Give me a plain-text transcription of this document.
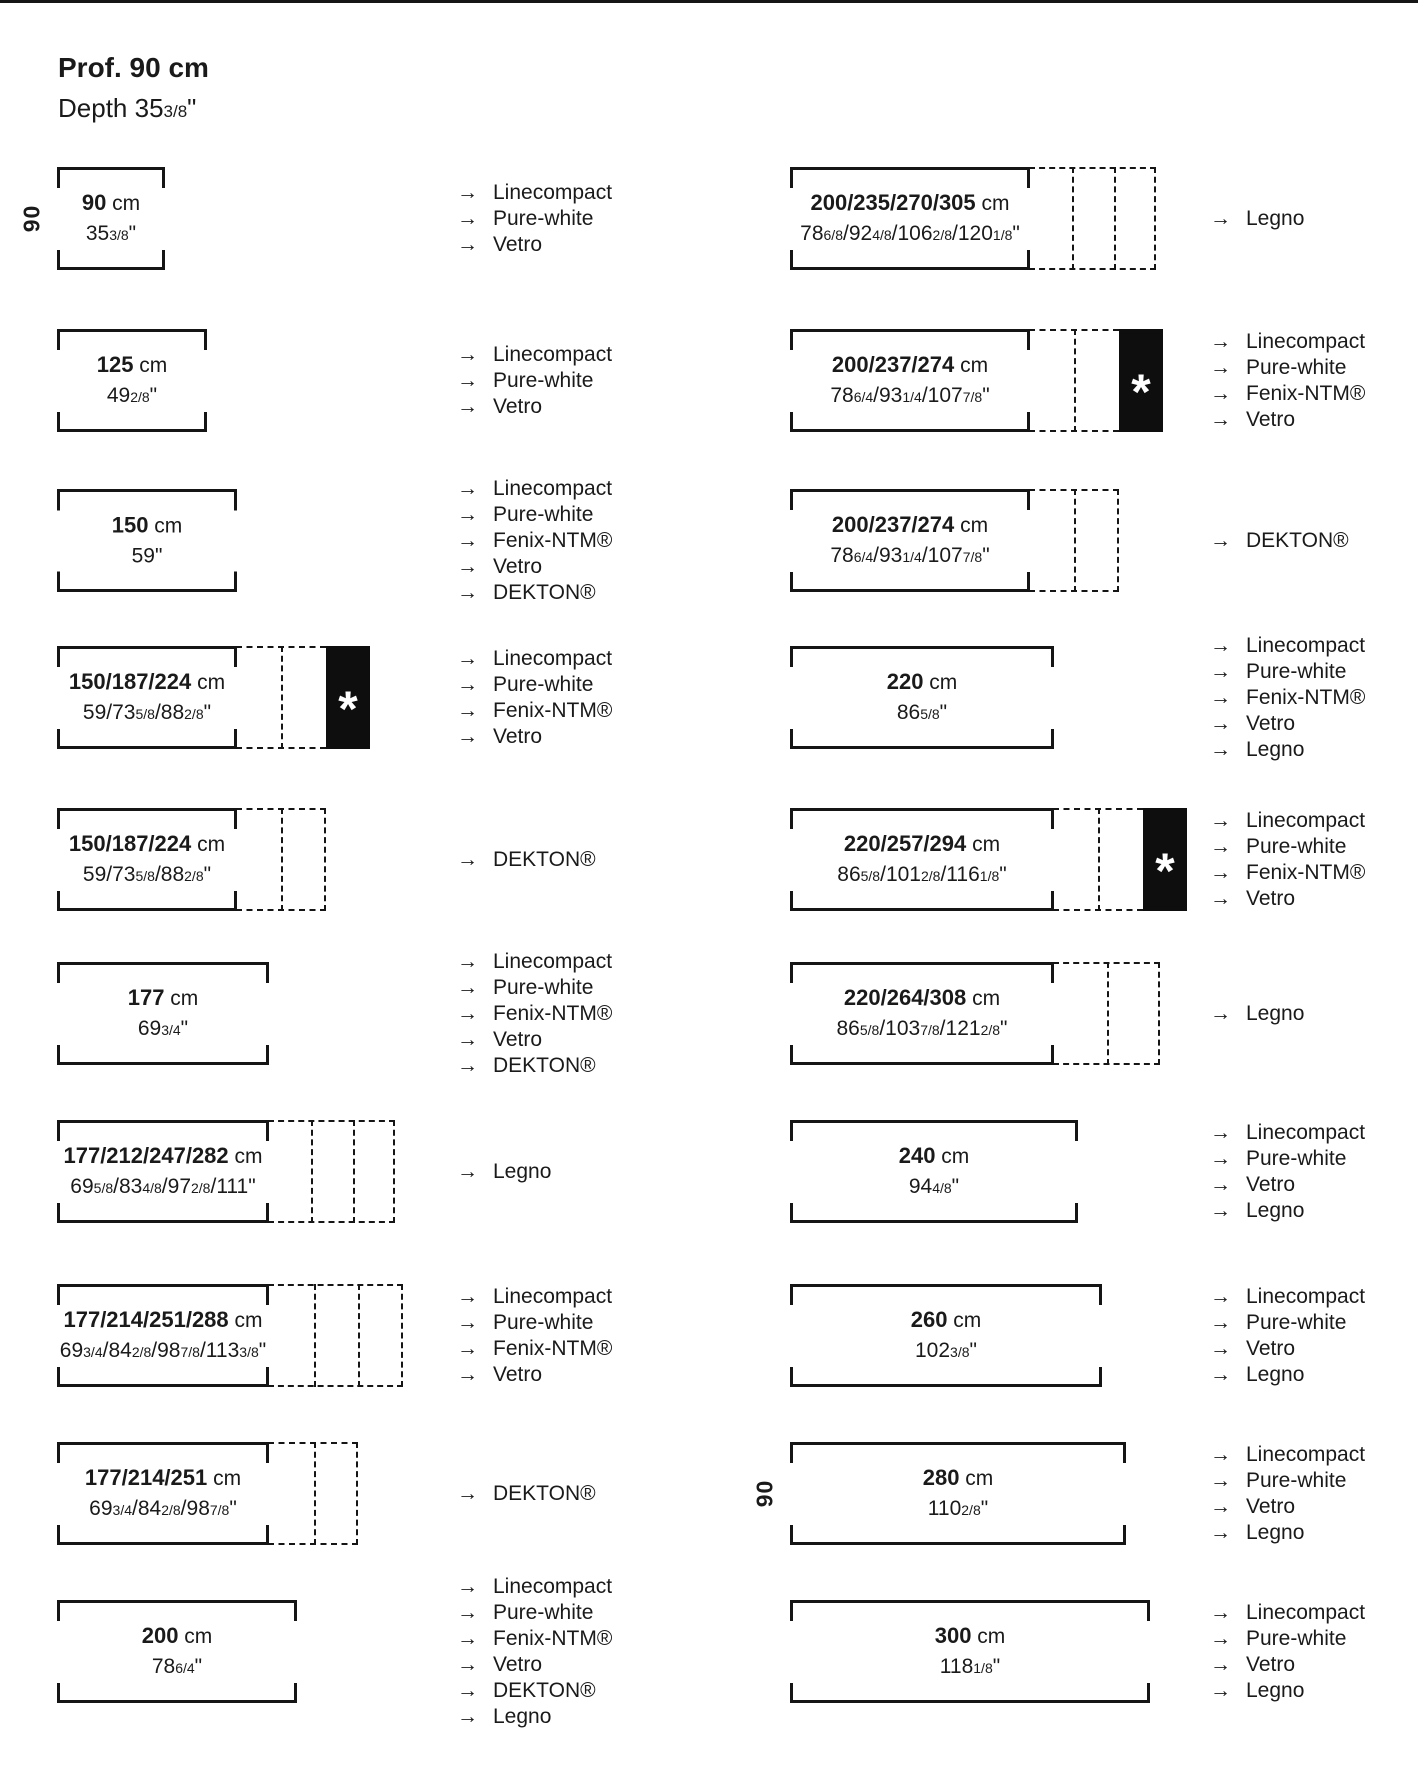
Prof. 90 cm
Depth 353/8"
90 cm
353/8"
90
→ Linecompact
→ Pure-white
→ Vetro
125 cm
492/8"
→ Linecompact
→ Pure-white
→ Vetro
150 cm
59"
→ Linecompact
→ Pure-white
→ Fenix-NTM®
→ Vetro
→ DEKTON®
150/187/224 cm
59/735/8/882/8"	*
→ Linecompact
→ Pure-white
→ Fenix-NTM®
→ Vetro
150/187/224 cm
59/735/8/882/8"
→ DEKTON®
177 cm
693/4"
→ Linecompact
→ Pure-white
→ Fenix-NTM®
→ Vetro
→ DEKTON®
177/212/247/282 cm
695/8/834/8/972/8/111"
→ Legno
177/214/251/288 cm
693/4/842/8/987/8/1133/8"
→ Linecompact
→ Pure-white
→ Fenix-NTM®
→ Vetro
177/214/251 cm
693/4/842/8/987/8"
→ DEKTON®
200 cm
786/4"
→ Linecompact
→ Pure-white
→ Fenix-NTM®
→ Vetro
→ DEKTON®
→ Legno
200/235/270/305 cm
786/8/924/8/1062/8/1201/8"
→ Legno
200/237/274 cm
786/4/931/4/1077/8"	*
→ Linecompact
→ Pure-white
→ Fenix-NTM®
→ Vetro
200/237/274 cm
786/4/931/4/1077/8"
→ DEKTON®
220 cm
865/8"
→ Linecompact
→ Pure-white
→ Fenix-NTM®
→ Vetro
→ Legno
220/257/294 cm
865/8/1012/8/1161/8"	*
→ Linecompact
→ Pure-white
→ Fenix-NTM®
→ Vetro
220/264/308 cm
865/8/1037/8/1212/8"
→ Legno
240 cm
944/8"
→ Linecompact
→ Pure-white
→ Vetro
→ Legno
260 cm
1023/8"
→ Linecompact
→ Pure-white
→ Vetro
→ Legno
280 cm
1102/8"
90
→ Linecompact
→ Pure-white
→ Vetro
→ Legno
300 cm
1181/8"
→ Linecompact
→ Pure-white
→ Vetro
→ Legno
